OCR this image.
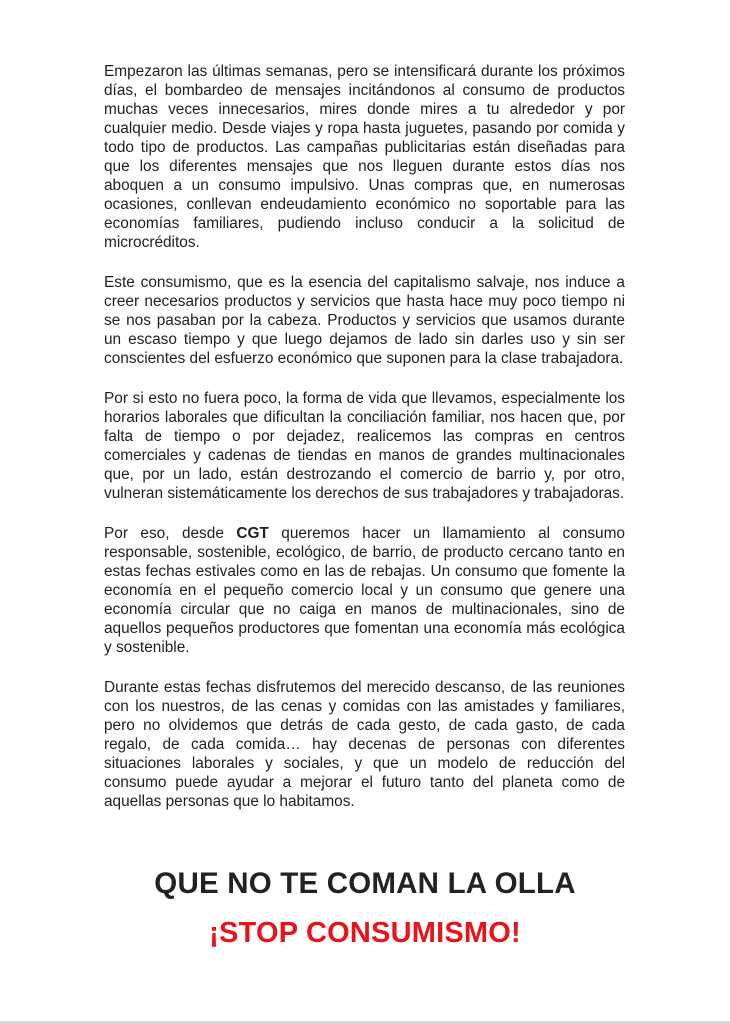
Empezaron las últimas semanas, pero se intensificará durante los próximos días, el bombardeo de mensajes incitándonos al consumo de productos muchas veces innecesarios, mires donde mires a tu alrededor y por cualquier medio. Desde viajes y ropa hasta juguetes, pasando por comida y todo tipo de productos. Las campañas publicitarias están diseñadas para que los diferentes mensajes que nos lleguen durante estos días nos aboquen a un consumo impulsivo. Unas compras que, en numerosas ocasiones, conllevan endeudamiento económico no soportable para las economías familiares, pudiendo incluso conducir a la solicitud de microcréditos.

Este consumismo, que es la esencia del capitalismo salvaje, nos induce a creer necesarios productos y servicios que hasta hace muy poco tiempo ni se nos pasaban por la cabeza. Productos y servicios que usamos durante un escaso tiempo y que luego dejamos de lado sin darles uso y sin ser conscientes del esfuerzo económico que suponen para la clase trabajadora.

Por si esto no fuera poco, la forma de vida que llevamos, especialmente los horarios laborales que dificultan la conciliación familiar, nos hacen que, por falta de tiempo o por dejadez, realicemos las compras en centros comerciales y cadenas de tiendas en manos de grandes multinacionales que, por un lado, están destrozando el comercio de barrio y, por otro, vulneran sistemáticamente los derechos de sus trabajadores y trabajadoras.

Por eso, desde CGT queremos hacer un llamamiento al consumo responsable, sostenible, ecológico, de barrio, de producto cercano tanto en estas fechas estivales como en las de rebajas. Un consumo que fomente la economía en el pequeño comercio local y un consumo que genere una economía circular que no caiga en manos de multinacionales, sino de aquellos pequeños productores que fomentan una economía más ecológica y sostenible.

Durante estas fechas disfrutemos del merecido descanso, de las reuniones con los nuestros, de las cenas y comidas con las amistades y familiares, pero no olvidemos que detrás de cada gesto, de cada gasto, de cada regalo, de cada comida… hay decenas de personas con diferentes situaciones laborales y sociales, y que un modelo de reducción del consumo puede ayudar a mejorar el futuro tanto del planeta como de aquellas personas que lo habitamos.

QUE NO TE COMAN LA OLLA
¡STOP CONSUMISMO!
